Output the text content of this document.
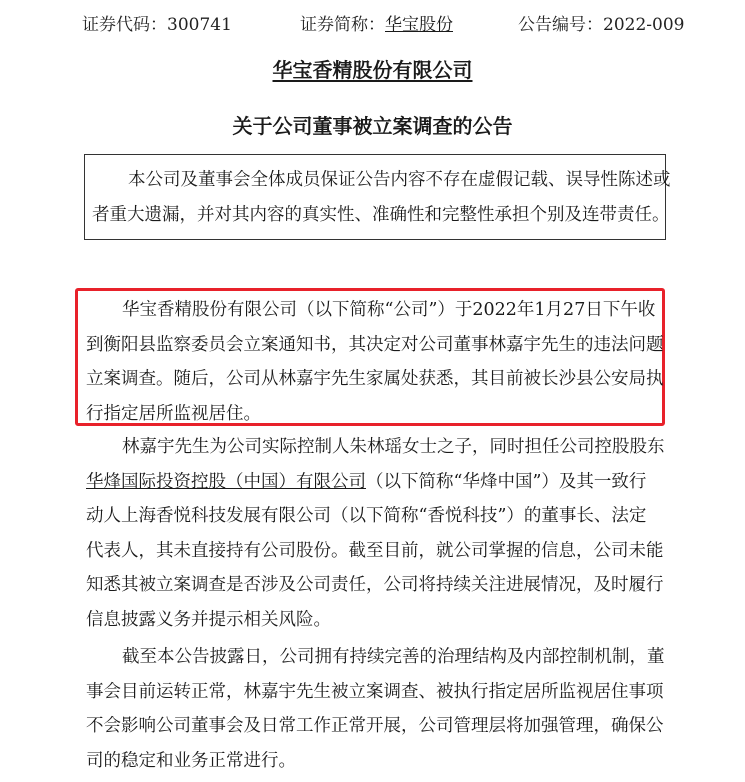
证券代码：300741	证券简称：华宝股份	公告编号：2022-009
华宝香精股份有限公司
关于公司董事被立案调查的公告
本公司及董事会全体成员保证公告内容不存在虚假记载、误导性陈述或
者重大遗漏，并对其内容的真实性、准确性和完整性承担个别及连带责任。
华宝香精股份有限公司（以下简称“公司”）于2022年1月27日下午收
到衡阳县监察委员会立案通知书，其决定对公司董事林嘉宇先生的违法问题
立案调查。随后，公司从林嘉宇先生家属处获悉，其目前被长沙县公安局执
行指定居所监视居住。
林嘉宇先生为公司实际控制人朱林瑶女士之子，同时担任公司控股股东
华烽国际投资控股（中国）有限公司（以下简称“华烽中国”）及其一致行
动人上海香悦科技发展有限公司（以下简称“香悦科技”）的董事长、法定
代表人，其未直接持有公司股份。截至目前，就公司掌握的信息，公司未能
知悉其被立案调查是否涉及公司责任，公司将持续关注进展情况，及时履行
信息披露义务并提示相关风险。
截至本公告披露日，公司拥有持续完善的治理结构及内部控制机制，董
事会目前运转正常，林嘉宇先生被立案调查、被执行指定居所监视居住事项
不会影响公司董事会及日常工作正常开展，公司管理层将加强管理，确保公
司的稳定和业务正常进行。
